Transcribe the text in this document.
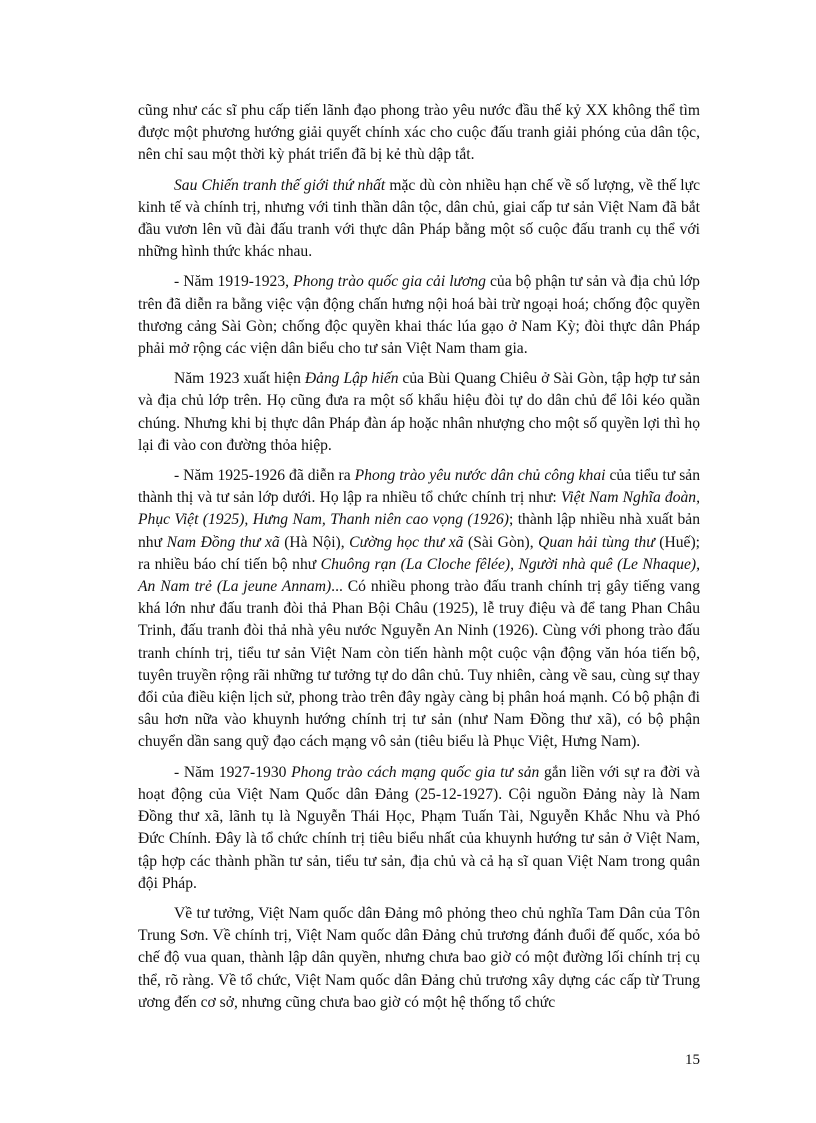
cũng như các sĩ phu cấp tiến lãnh đạo phong trào yêu nước đầu thế kỷ XX không thể tìm được một phương hướng giải quyết chính xác cho cuộc đấu tranh giải phóng của dân tộc, nên chỉ sau một thời kỳ phát triển đã bị kẻ thù dập tắt.

Sau Chiến tranh thế giới thứ nhất mặc dù còn nhiều hạn chế về số lượng, về thế lực kinh tế và chính trị, nhưng với tinh thần dân tộc, dân chủ, giai cấp tư sản Việt Nam đã bắt đầu vươn lên vũ đài đấu tranh với thực dân Pháp bằng một số cuộc đấu tranh cụ thể với những hình thức khác nhau.

- Năm 1919-1923, Phong trào quốc gia cải lương của bộ phận tư sản và địa chủ lớp trên đã diễn ra bằng việc vận động chấn hưng nội hoá bài trừ ngoại hoá; chống độc quyền thương cảng Sài Gòn; chống độc quyền khai thác lúa gạo ở Nam Kỳ; đòi thực dân Pháp phải mở rộng các viện dân biểu cho tư sản Việt Nam tham gia.

Năm 1923 xuất hiện Đảng Lập hiến của Bùi Quang Chiêu ở Sài Gòn, tập hợp tư sản và địa chủ lớp trên. Họ cũng đưa ra một số khẩu hiệu đòi tự do dân chủ để lôi kéo quần chúng. Nhưng khi bị thực dân Pháp đàn áp hoặc nhân nhượng cho một số quyền lợi thì họ lại đi vào con đường thỏa hiệp.

- Năm 1925-1926 đã diễn ra Phong trào yêu nước dân chủ công khai của tiểu tư sản thành thị và tư sản lớp dưới. Họ lập ra nhiều tổ chức chính trị như: Việt Nam Nghĩa đoàn, Phục Việt (1925), Hưng Nam, Thanh niên cao vọng (1926); thành lập nhiều nhà xuất bản như Nam Đồng thư xã (Hà Nội), Cường học thư xã (Sài Gòn), Quan hải tùng thư (Huế); ra nhiều báo chí tiến bộ như Chuông rạn (La Cloche fêlée), Người nhà quê (Le Nhaque), An Nam trẻ (La jeune Annam)... Có nhiều phong trào đấu tranh chính trị gây tiếng vang khá lớn như đấu tranh đòi thả Phan Bội Châu (1925), lễ truy điệu và để tang Phan Châu Trinh, đấu tranh đòi thả nhà yêu nước Nguyễn An Ninh (1926). Cùng với phong trào đấu tranh chính trị, tiểu tư sản Việt Nam còn tiến hành một cuộc vận động văn hóa tiến bộ, tuyên truyền rộng rãi những tư tưởng tự do dân chủ. Tuy nhiên, càng về sau, cùng sự thay đổi của điều kiện lịch sử, phong trào trên đây ngày càng bị phân hoá mạnh. Có bộ phận đi sâu hơn nữa vào khuynh hướng chính trị tư sản (như Nam Đồng thư xã), có bộ phận chuyển dần sang quỹ đạo cách mạng vô sản (tiêu biểu là Phục Việt, Hưng Nam).

- Năm 1927-1930 Phong trào cách mạng quốc gia tư sản gắn liền với sự ra đời và hoạt động của Việt Nam Quốc dân Đảng (25-12-1927). Cội nguồn Đảng này là Nam Đồng thư xã, lãnh tụ là Nguyễn Thái Học, Phạm Tuấn Tài, Nguyễn Khắc Nhu và Phó Đức Chính. Đây là tổ chức chính trị tiêu biểu nhất của khuynh hướng tư sản ở Việt Nam, tập hợp các thành phần tư sản, tiểu tư sản, địa chủ và cả hạ sĩ quan Việt Nam trong quân đội Pháp.

Về tư tưởng, Việt Nam quốc dân Đảng mô phỏng theo chủ nghĩa Tam Dân của Tôn Trung Sơn. Về chính trị, Việt Nam quốc dân Đảng chủ trương đánh đuổi đế quốc, xóa bỏ chế độ vua quan, thành lập dân quyền, nhưng chưa bao giờ có một đường lối chính trị cụ thể, rõ ràng. Về tổ chức, Việt Nam quốc dân Đảng chủ trương xây dựng các cấp từ Trung ương đến cơ sở, nhưng cũng chưa bao giờ có một hệ thống tổ chức

15
